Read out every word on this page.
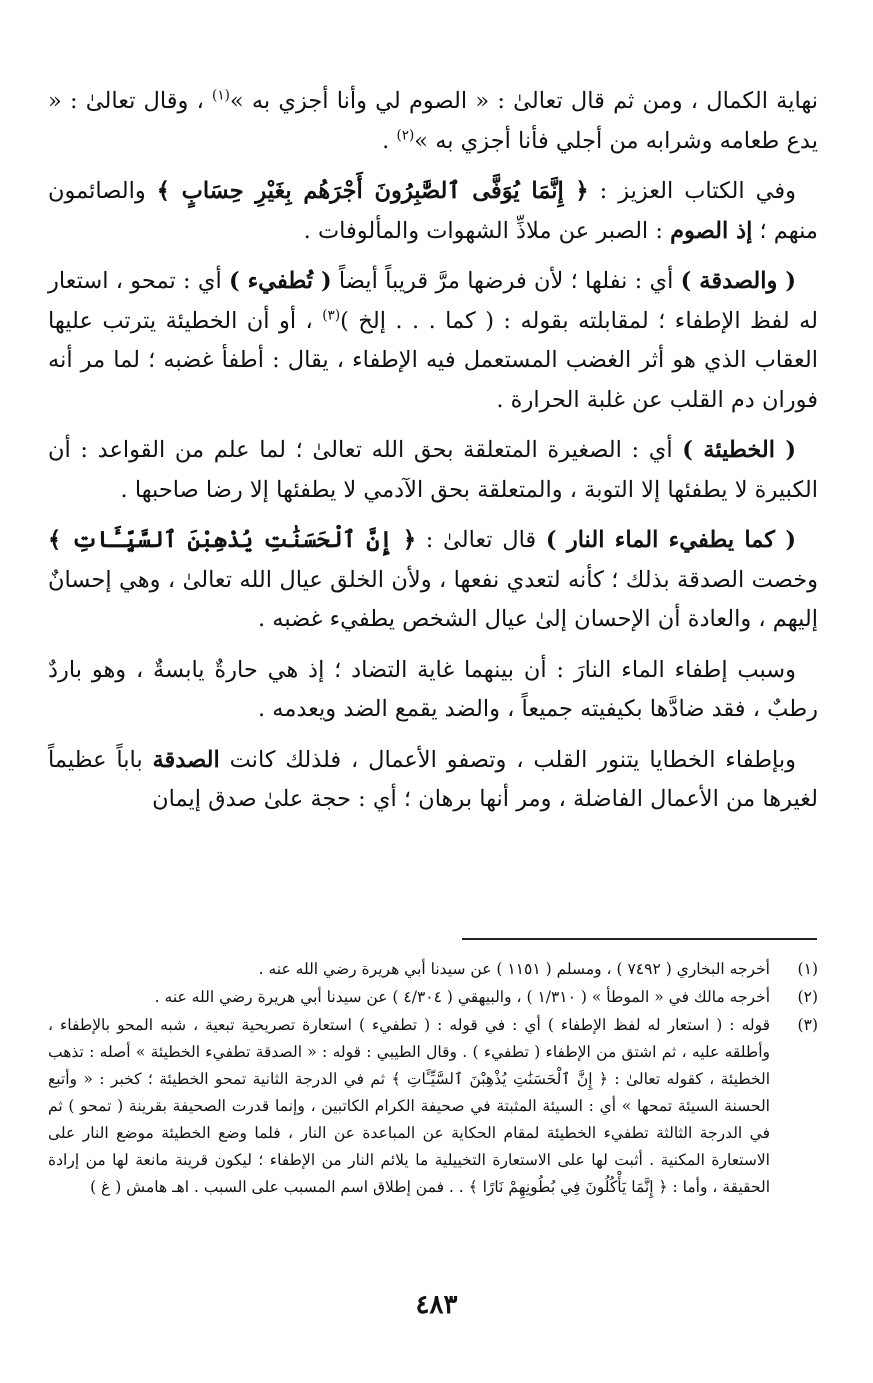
نهاية الكمال ، ومن ثم قال تعالىٰ : « الصوم لي وأنا أجزي به »$^{(١)}$ ، وقال تعالىٰ : « يدع طعامه وشرابه من أجلي فأنا أجزي به »$^{(٢)}$ .

وفي الكتاب العزيز : ﴿ إِنَّمَا يُوَفَّى ٱلصَّٰبِرُونَ أَجْرَهُم بِغَيْرِ حِسَابٍ ﴾ والصائمون منهم ؛ إذ الصوم : الصبر عن ملاذِّ الشهوات والمألوفات .

( والصدقة ) أي : نفلها ؛ لأن فرضها مرَّ قريباً أيضاً ( تُطفيء ) أي : تمحو ، استعار له لفظ الإطفاء ؛ لمقابلته بقوله : ( كما . . . إلخ )$^{(٣)}$ ، أو أن الخطيئة يترتب عليها العقاب الذي هو أثر الغضب المستعمل فيه الإطفاء ، يقال : أطفأ غضبه ؛ لما مر أنه فوران دم القلب عن غلبة الحرارة .

( الخطيئة ) أي : الصغيرة المتعلقة بحق الله تعالىٰ ؛ لما علم من القواعد : أن الكبيرة لا يطفئها إلا التوبة ، والمتعلقة بحق الآدمي لا يطفئها إلا رضا صاحبها .

( كما يطفيء الماء النار ) قال تعالىٰ : ﴿ إِنَّ ٱلْحَسَنَٰتِ يُذْهِبْنَ ٱلسَّيِّـَٔاتِ ﴾ وخصت الصدقة بذلك ؛ كأنه لتعدي نفعها ، ولأن الخلق عيال الله تعالىٰ ، وهي إحسانٌ إليهم ، والعادة أن الإحسان إلىٰ عيال الشخص يطفيء غضبه .

وسبب إطفاء الماء النارَ : أن بينهما غاية التضاد ؛ إذ هي حارةٌ يابسةٌ ، وهو باردٌ رطبٌ ، فقد ضادَّها بكيفيته جميعاً ، والضد يقمع الضد ويعدمه .

وبإطفاء الخطايا يتنور القلب ، وتصفو الأعمال ، فلذلك كانت الصدقة باباً عظيماً لغيرها من الأعمال الفاضلة ، ومر أنها برهان ؛ أي : حجة علىٰ صدق إيمان

(١)
أخرجه البخاري ( ٧٤٩٢ ) ، ومسلم ( ١١٥١ ) عن سيدنا أبي هريرة رضي الله عنه .
(٢)
أخرجه مالك في « الموطأ » ( ١/٣١٠ ) ، والبيهقي ( ٤/٣٠٤ ) عن سيدنا أبي هريرة رضي الله عنه .
(٣)
قوله : ( استعار له لفظ الإطفاء ) أي : في قوله : ( تطفيء ) استعارة تصريحية تبعية ، شبه المحو بالإطفاء ، وأطلقه عليه ، ثم اشتق من الإطفاء ( تطفيء ) . وقال الطيبي : قوله : « الصدقة تطفيء الخطيئة » أصله : تذهب الخطيئة ، كقوله تعالىٰ : ﴿ إِنَّ ٱلْحَسَنَٰتِ يُذْهِبْنَ ٱلسَّيِّـَٔاتِ ﴾ ثم في الدرجة الثانية تمحو الخطيئة ؛ كخبر : « وأتبع الحسنة السيئة تمحها » أي : السيئة المثبتة في صحيفة الكرام الكاتبين ، وإنما قدرت الصحيفة بقرينة ( تمحو ) ثم في الدرجة الثالثة تطفيء الخطيئة لمقام الحكاية عن المباعدة عن النار ، فلما وضع الخطيئة موضع النار على الاستعارة المكنية . أثبت لها على الاستعارة التخييلية ما يلائم النار من الإطفاء ؛ ليكون قرينة مانعة لها من إرادة الحقيقة ، وأما : ﴿ إِنَّمَا يَأْكُلُونَ فِي بُطُونِهِمْ نَارًا ﴾ . . فمن إطلاق اسم المسبب على السبب . اهـ هامش ( غ )
٤٨٣
